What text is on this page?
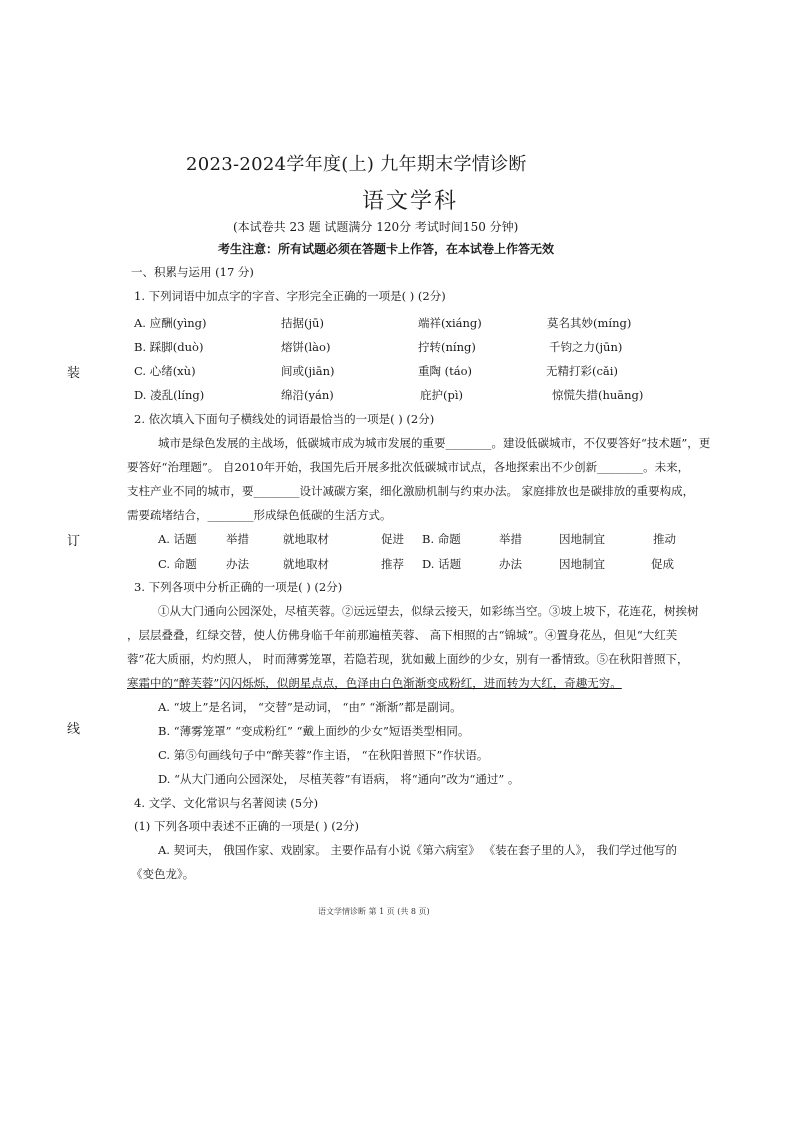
2023-2024学年度(上) 九年期末学情诊断
语文学科
(本试卷共 23 题 试题满分 120分 考试时间150 分钟)
考生注意：所有试题必须在答题卡上作答，在本试卷上作答无效
装
订
线
一、积累与运用 (17 分)
1. 下列词语中加点字的字音、字形完全正确的一项是( ) (2分)
A. 应酬(yìng)	拮据(jū)	端祥(xiáng)	莫名其妙(míng)
B. 踩脚(duò)	熔饼(lào)	拧转(níng)	千钧之力(jūn)
C. 心绪(xù)	间或(jiān)	重陶 (táo)	无精打彩(cǎi)
D. 凌乱(líng)	绵沿(yán)	庇护(pì)	惊慌失措(huāng)
2. 依次填入下面句子横线处的词语最恰当的一项是( ) (2分)
城市是绿色发展的主战场，低碳城市成为城市发展的重要________。建设低碳城市，不仅要答好“技术题”，更
要答好“治理题”。 自2010年开始，我国先后开展多批次低碳城市试点，各地探索出不少创新________。未来，
支柱产业不同的城市，要________设计减碳方案，细化激励机制与约束办法。 家庭排放也是碳排放的重要构成，
需要疏堵结合，________形成绿色低碳的生活方式。
A. 话题	举措	就地取材	促进 B. 命题	举措	因地制宜	推动
C. 命题	办法	就地取材	推荐 D. 话题	办法	因地制宜	促成
3. 下列各项中分析正确的一项是( ) (2分)
①从大门通向公园深处，尽植芙蓉。②远远望去，似绿云接天，如彩练当空。③坡上坡下，花连花，树挨树
，层层叠叠，红绿交替，使人仿佛身临千年前那遍植芙蓉、 高下相照的古“锦城”。④置身花丛，但见“大红芙
蓉”花大质丽，灼灼照人， 时而薄雾笼罩，若隐若现，犹如戴上面纱的少女，别有一番情致。⑤在秋阳普照下，
寒霜中的“醉芙蓉”闪闪烁烁，似朗星点点，色泽由白色渐渐变成粉红，进而转为大红，奇趣无穷。
A. “坡上”是名词， “交替”是动词， “由” “渐渐”都是副词。
B. “薄雾笼罩” “变成粉红” “戴上面纱的少女”短语类型相同。
C. 第⑤句画线句子中“醉芙蓉”作主语， “在秋阳普照下”作状语。
D. “从大门通向公园深处， 尽植芙蓉”有语病， 将“通向”改为“通过” 。
4. 文学、文化常识与名著阅读 (5分)
(1) 下列各项中表述不正确的一项是( ) (2分)
A. 契诃夫， 俄国作家、戏剧家。 主要作品有小说《第六病室》 《装在套子里的人》， 我们学过他写的
《变色龙》。
语文学情诊断 第 1 页 (共 8 页)
